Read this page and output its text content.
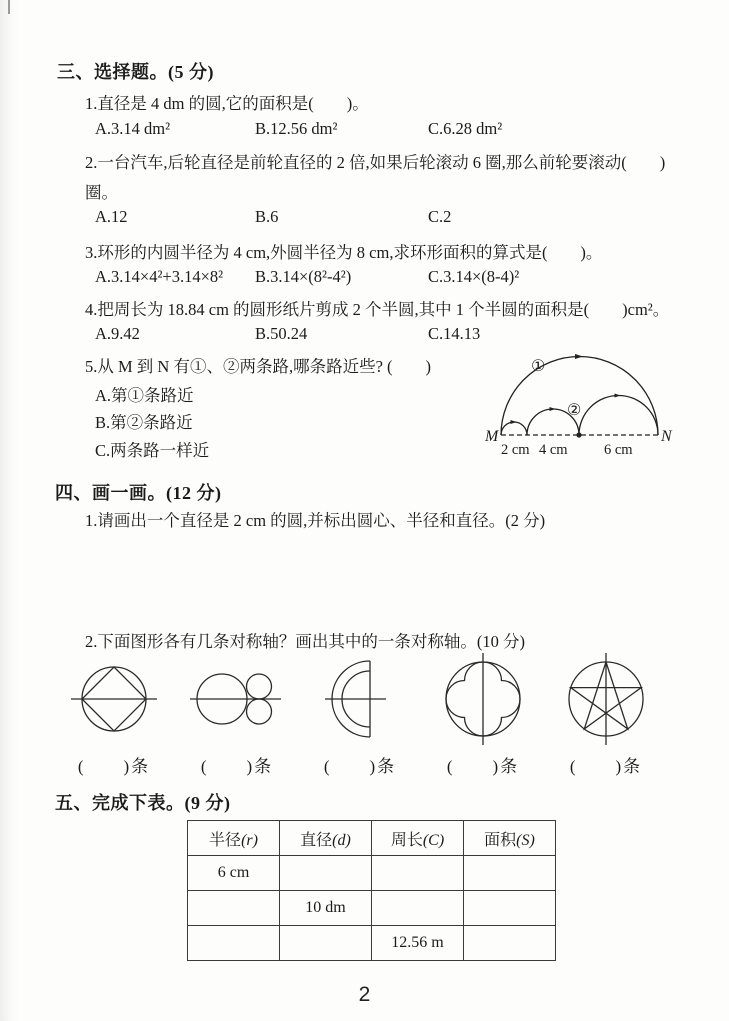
三、选择题。(5 分)
1.直径是 4 dm 的圆,它的面积是(　　)。
A.3.14 dm²	B.12.56 dm²	C.6.28 dm²
2.一台汽车,后轮直径是前轮直径的 2 倍,如果后轮滚动 6 圈,那么前轮要滚动(　　)
圈。
A.12	B.6	C.2
3.环形的内圆半径为 4 cm,外圆半径为 8 cm,求环形面积的算式是(　　)。
A.3.14×4²+3.14×8² B.3.14×(8²-4²)	C.3.14×(8-4)²
4.把周长为 18.84 cm 的圆形纸片剪成 2 个半圆,其中 1 个半圆的面积是(　　)cm²。
A.9.42	B.50.24	C.14.13
5.从 M 到 N 有①、②两条路,哪条路近些? (　　)
A.第①条路近
B.第②条路近
C.两条路一样近
①
②
M	N
2 cm 4 cm	6 cm
四、画一画。(12 分)
1.请画出一个直径是 2 cm 的圆,并标出圆心、半径和直径。(2 分)
2.下面图形各有几条对称轴？画出其中的一条对称轴。(10 分)
(　　)条	(　　)条	(　　)条	(　　)条	(　　)条
五、完成下表。(9 分)
半径(r)	直径(d)	周长(C)	面积(S)
6 cm			
	10 dm		
		12.56 m	
2
